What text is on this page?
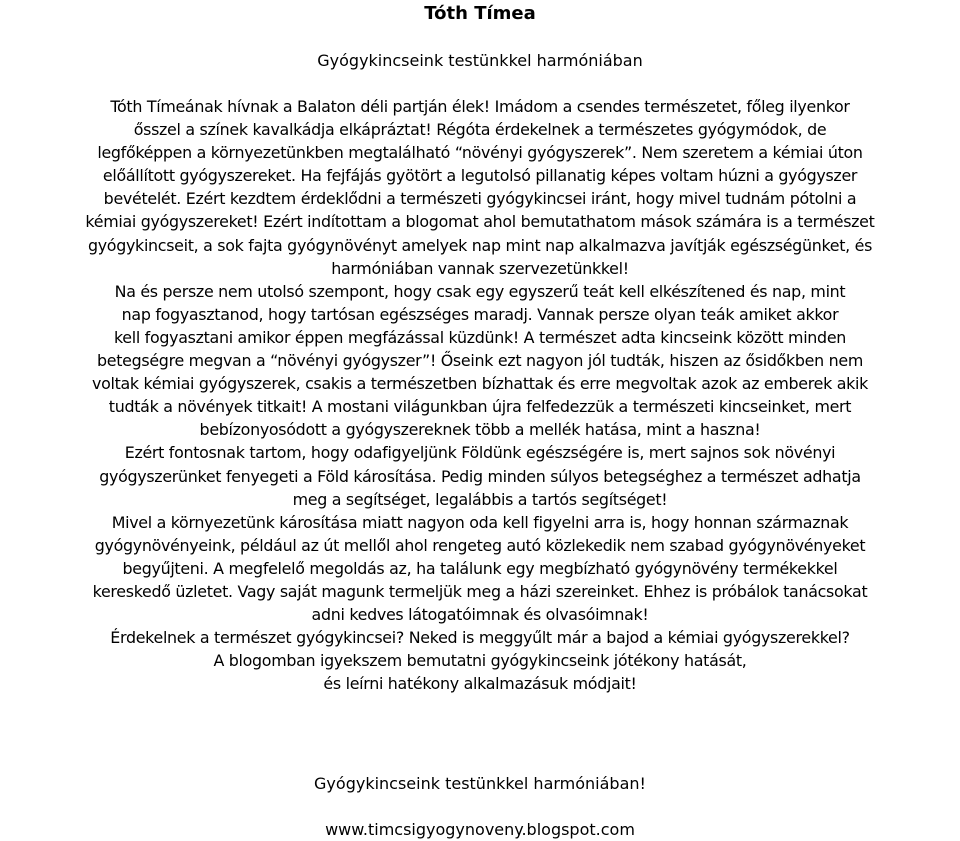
Tóth Tímea

Gyógykincseink testünkkel harmóniában

Tóth Tímeának hívnak a Balaton déli partján élek! Imádom a csendes természetet, főleg ilyenkor
ősszel a színek kavalkádja elkápráztat! Régóta érdekelnek a természetes gyógymódok, de
legfőképpen a környezetünkben megtalálható “növényi gyógyszerek”. Nem szeretem a kémiai úton
előállított gyógyszereket. Ha fejfájás gyötört a legutolsó pillanatig képes voltam húzni a gyógyszer
bevételét. Ezért kezdtem érdeklődni a természeti gyógykincsei iránt, hogy mivel tudnám pótolni a
kémiai gyógyszereket! Ezért indítottam a blogomat ahol bemutathatom mások számára is a természet
gyógykincseit, a sok fajta gyógynövényt amelyek nap mint nap alkalmazva javítják egészségünket, és
harmóniában vannak szervezetünkkel!
Na és persze nem utolsó szempont, hogy csak egy egyszerű teát kell elkészítened és nap, mint
nap fogyasztanod, hogy tartósan egészséges maradj. Vannak persze olyan teák amiket akkor
kell fogyasztani amikor éppen megfázással küzdünk! A természet adta kincseink között minden
betegségre megvan a “növényi gyógyszer”! Őseink ezt nagyon jól tudták, hiszen az ősidőkben nem
voltak kémiai gyógyszerek, csakis a természetben bízhattak és erre megvoltak azok az emberek akik
tudták a növények titkait! A mostani világunkban újra felfedezzük a természeti kincseinket, mert
bebízonyosódott a gyógyszereknek több a mellék hatása, mint a haszna!
Ezért fontosnak tartom, hogy odafigyeljünk Földünk egészségére is, mert sajnos sok növényi
gyógyszerünket fenyegeti a Föld károsítása. Pedig minden súlyos betegséghez a természet adhatja
meg a segítséget, legalábbis a tartós segítséget!
Mivel a környezetünk károsítása miatt nagyon oda kell figyelni arra is, hogy honnan származnak
gyógynövényeink, például az út mellől ahol rengeteg autó közlekedik nem szabad gyógynövényeket
begyűjteni. A megfelelő megoldás az, ha találunk egy megbízható gyógynövény termékekkel
kereskedő üzletet. Vagy saját magunk termeljük meg a házi szereinket. Ehhez is próbálok tanácsokat
adni kedves látogatóimnak és olvasóimnak!
Érdekelnek a természet gyógykincsei? Neked is meggyűlt már a bajod a kémiai gyógyszerekkel?
A blogomban igyekszem bemutatni gyógykincseink jótékony hatását,
és leírni hatékony alkalmazásuk módjait!

Gyógykincseink testünkkel harmóniában!

www.timcsigyogynoveny.blogspot.com
